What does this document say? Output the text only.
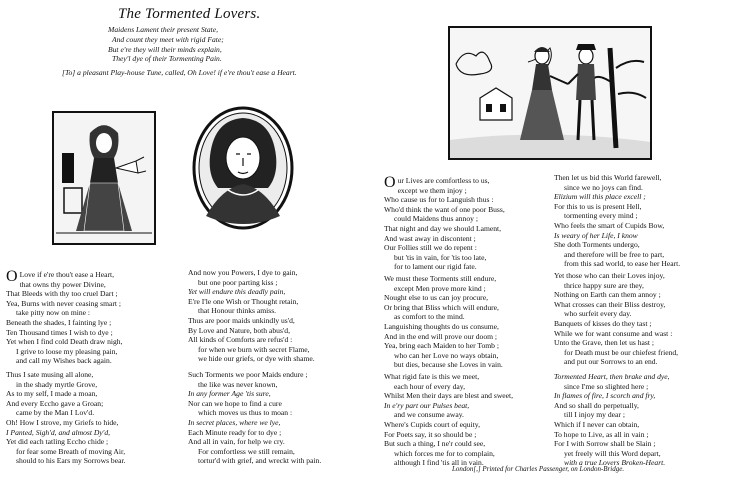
The Tormented Lovers.
Maidens Lament their present State,
And count they meet with rigid Fate;
But e're they will their minds explain,
They'l dye of their Tormenting Pain.
[To] a pleasant Play-house Tune, called, Oh Love! if e're thou't ease a Heart.
O Love if e're thou't ease a Heart,
that owns thy power Divine,
That Bleeds with thy too cruel Dart ;
Yea, Burns with never ceasing smart ;
take pitty now on mine :
Beneath the shades, I fainting lye ;
Ten Thousand times I wish to dye ;
Yet when I find cold Death draw nigh,
I grive to loose my pleasing pain,
and call my Wishes back again.
Thus I sate musing all alone,
in the shady myrtle Grove,
As to my self, I made a moan,
And every Eccho gave a Groan;
came by the Man I Lov'd.
Oh! How I strove, my Griefs to hide,
I Panted, Sigh'd, and almost Dy'd,
Yet did each tatling Eccho chide ;
for fear some Breath of moving Air,
should to his Ears my Sorrows bear.
And now you Powers, I dye to gain,
but one poor parting kiss ;
Yet will endure this deadly pain,
E're I'le one Wish or Thought retain,
that Honour thinks amiss.
Thus are poor maids unkindly us'd,
By Love and Nature, both abus'd,
All kinds of Comforts are refus'd :
for when we burn with secret Flame,
we hide our griefs, or dye with shame.
Such Torments we poor Maids endure ;
the like was never known,
In any former Age 'tis sure,
Nor can we hope to find a cure
which moves us thus to moan :
In secret places, where we lye,
Each Minute ready for to dye ;
And all in vain, for help we cry.
For comfortless we still remain,
tortur'd with grief, and wreckt with pain.
Our Lives are comfortless to us,
except we them injoy ;
Who cause us for to Languish thus :
Who'd think the want of one poor Buss,
could Maidens thus annoy ;
That night and day we should Lament,
And wast away in discontent ;
Our Follies still we do repent :
but 'tis in vain, for 'tis too late,
for to lament our rigid fate.
We must these Torments still endure,
except Men prove more kind ;
Nought else to us can joy procure,
Or bring that Bliss which will endure,
as comfort to the mind.
Languishing thoughts do us consume,
And in the end will prove our doom ;
Yea, bring each Maiden to her Tomb ;
who can her Love no ways obtain,
but dies, because she Loves in vain.
What rigid fate is this we meet,
each hour of every day,
Whilst Men their days are blest and sweet,
In e'ry part our Pulses beat,
and we consume away.
Where's Cupids court of equity,
For Poets say, it so should be ;
But such a thing, I ne'r could see,
which forces me for to complain,
although I find 'tis all in vain.
Then let us bid this World farewell,
since we no joys can find.
Elizium will this place excell ;
For this to us is present Hell,
tormenting every mind ;
Who feels the smart of Cupids Bow,
Is weary of her Life, I know
She doth Torments undergo,
and therefore will be free to part,
from this sad world, to ease her Heart.
Yet those who can their Loves injoy,
thrice happy sure are they,
Nothing on Earth can them annoy ;
What crosses can their Bliss destroy,
who surfeit every day.
Banquets of kisses do they tast ;
While we for want consume and wast :
Unto the Grave, then let us hast ;
for Death must be our chiefest friend,
and put our Sorrows to an end.
Tormented Heart, then brake and dye,
since I'me so slighted here ;
In flames of fire, I scorch and fry,
And so shall do perpetually,
till I injoy my dear ;
Which if I never can obtain,
To hope to Live, as all in vain ;
For I with Sorrow shall be Slain ;
yet freely will this Word depart,
with a true Lovers Broken-Heart.
London[,] Printed for Charles Passenger, on London-Bridge.
